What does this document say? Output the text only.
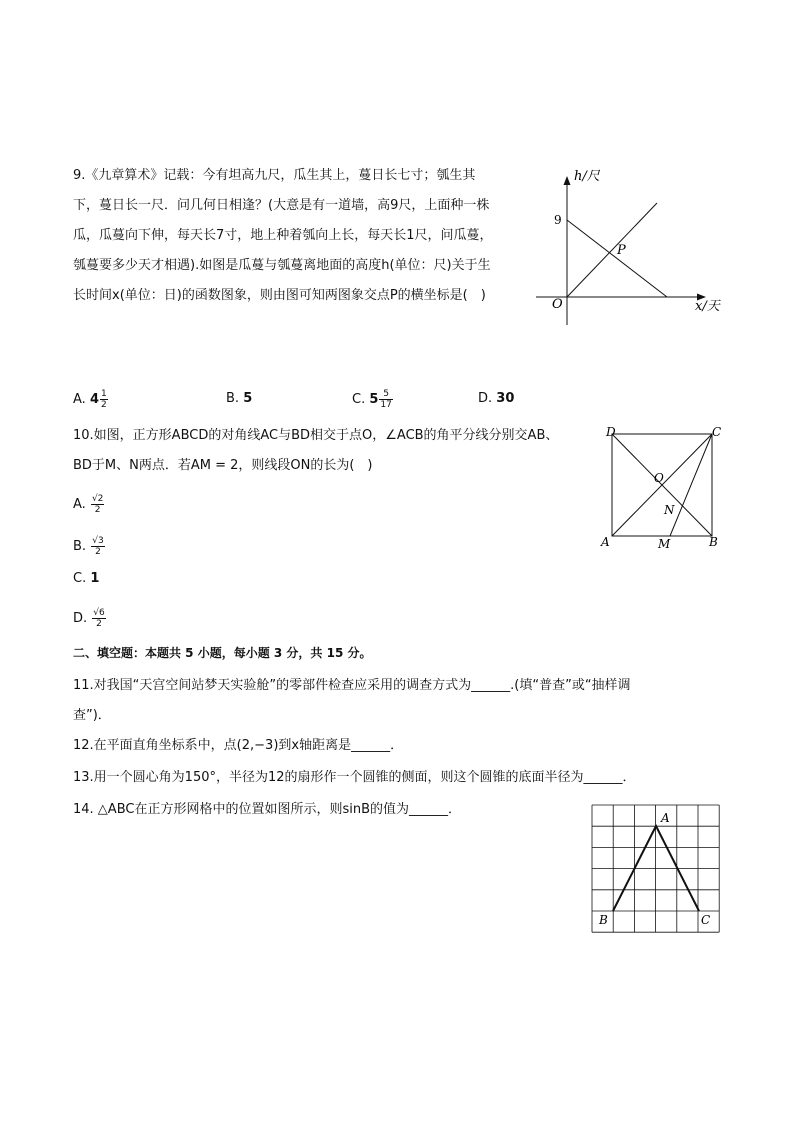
9.《九章算术》记载：今有坦高九尺，瓜生其上，蔓日长七寸；瓠生其
下，蔓日长一尺．问几何日相逢？(大意是有一道墙，高9尺，上面种一株
瓜，瓜蔓向下伸，每天长7寸，地上种着瓠向上长，每天长1尺，问瓜蔓，
瓠蔓要多少天才相遇).如图是瓜蔓与瓠蔓离地面的高度h(单位：尺)关于生
长时间x(单位：日)的函数图象，则由图可知两图象交点P的横坐标是(　)
h/尺
x/天
O
9
P
A. $4 \frac{1}{2}$	B. 5	C. $5 \frac{5}{17}$	D. 30
10.如图，正方形ABCD的对角线AC与BD相交于点O，∠ACB的角平分线分别交AB、
BD于M、N两点．若AM = 2，则线段ON的长为(　)
A	B
C
D
O
N
M
A. $\frac{√2}{2}$
B. $\frac{√3}{2}$
C. 1
D. $\frac{√6}{2}$
二、填空题：本题共 5 小题，每小题 3 分，共 15 分。
11.对我国“天宫空间站梦天实验舱”的零部件检查应采用的调查方式为______.(填“普查”或“抽样调
查”)．
12.在平面直角坐标系中，点(2,−3)到x轴距离是______．
13.用一个圆心角为150°，半径为12的扇形作一个圆锥的侧面，则这个圆锥的底面半径为______．
14. △ABC在正方形网格中的位置如图所示，则sinB的值为______．
A
B	C
